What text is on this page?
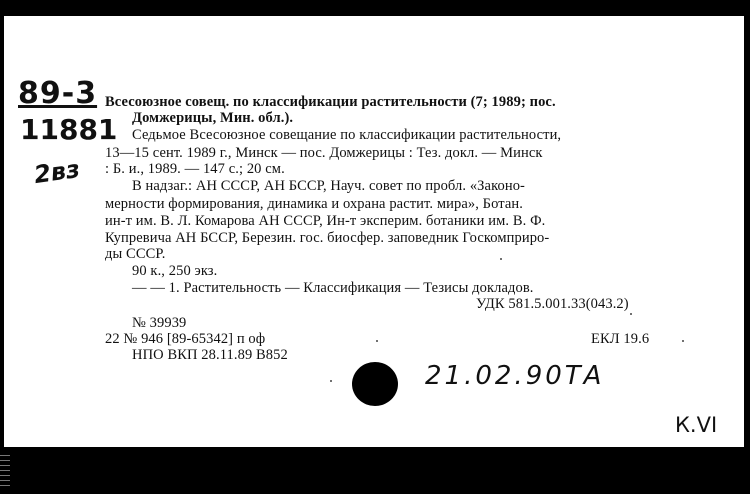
89-3
11881
2вз
21.02.90ТА
К.VI
Всесоюзное совещ. по классификации растительности (7; 1989; пос.
Домжерицы, Мин. обл.).
Седьмое Всесоюзное совещание по классификации растительности,
13—15 сент. 1989 г., Минск — пос. Домжерицы : Тез. докл. — Минск
: Б. и., 1989. — 147 с.; 20 см.
В надзаг.: АН СССР, АН БССР, Науч. совет по пробл. «Законо-
мерности формирования, динамика и охрана растит. мира», Ботан.
ин-т им. В. Л. Комарова АН СССР, Ин-т эксперим. ботаники им. В. Ф.
Купревича АН БССР, Березин. гос. биосфер. заповедник Госкомприро-
ды СССР.
90 к., 250 экз.
— — 1. Растительность — Классификация — Тезисы докладов.
УДК 581.5.001.33(043.2)
№ 39939
22 № 946 [89-65342] п оф	ЕКЛ 19.6
НПО ВКП 28.11.89 В852
